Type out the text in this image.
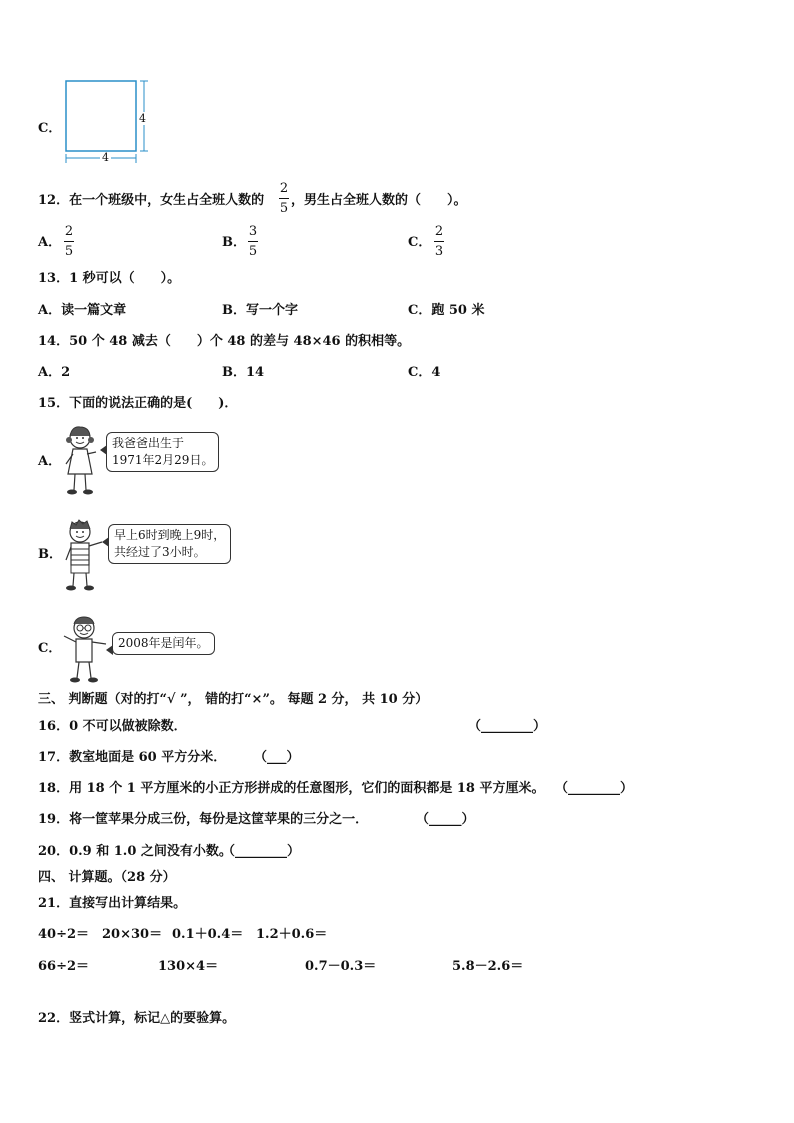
C．
4
4
12．在一个班级中，女生占全班人数的
2
5
，男生占全班人数的（　　）。
A．
2
5
B．
3
5
C．
2
3
13．1 秒可以（　　）。
A．读一篇文章	B．写一个字	C．跑 50 米
14．50 个 48 减去（　　）个 48 的差与 48×46 的积相等。
A．2	B．14	C．4
15．下面的说法正确的是(　　)．
A．
我爸爸出生于
1971年2月29日。
B．
早上6时到晚上9时，
共经过了3小时。
C．	2008年是闰年。
三、 判断题（对的打“√ ”， 错的打“×”。 每题 2 分， 共 10 分）
16．0 不可以做被除数．	（________）
17．教室地面是 60 平方分米． （___）
18．用 18 个 1 平方厘米的小正方形拼成的任意图形，它们的面积都是 18 平方厘米。 （________）
19．将一筐苹果分成三份，每份是这筐苹果的三分之一．	（_____）
20．0.9 和 1.0 之间没有小数。
（________）
四、 计算题。（28 分）
21．直接写出计算结果。
40÷2＝ 20×30＝ 0.1＋0.4＝ 1.2＋0.6＝
66÷2＝	130×4＝	0.7－0.3＝	5.8－2.6＝
22．竖式计算，标记△的要验算。
